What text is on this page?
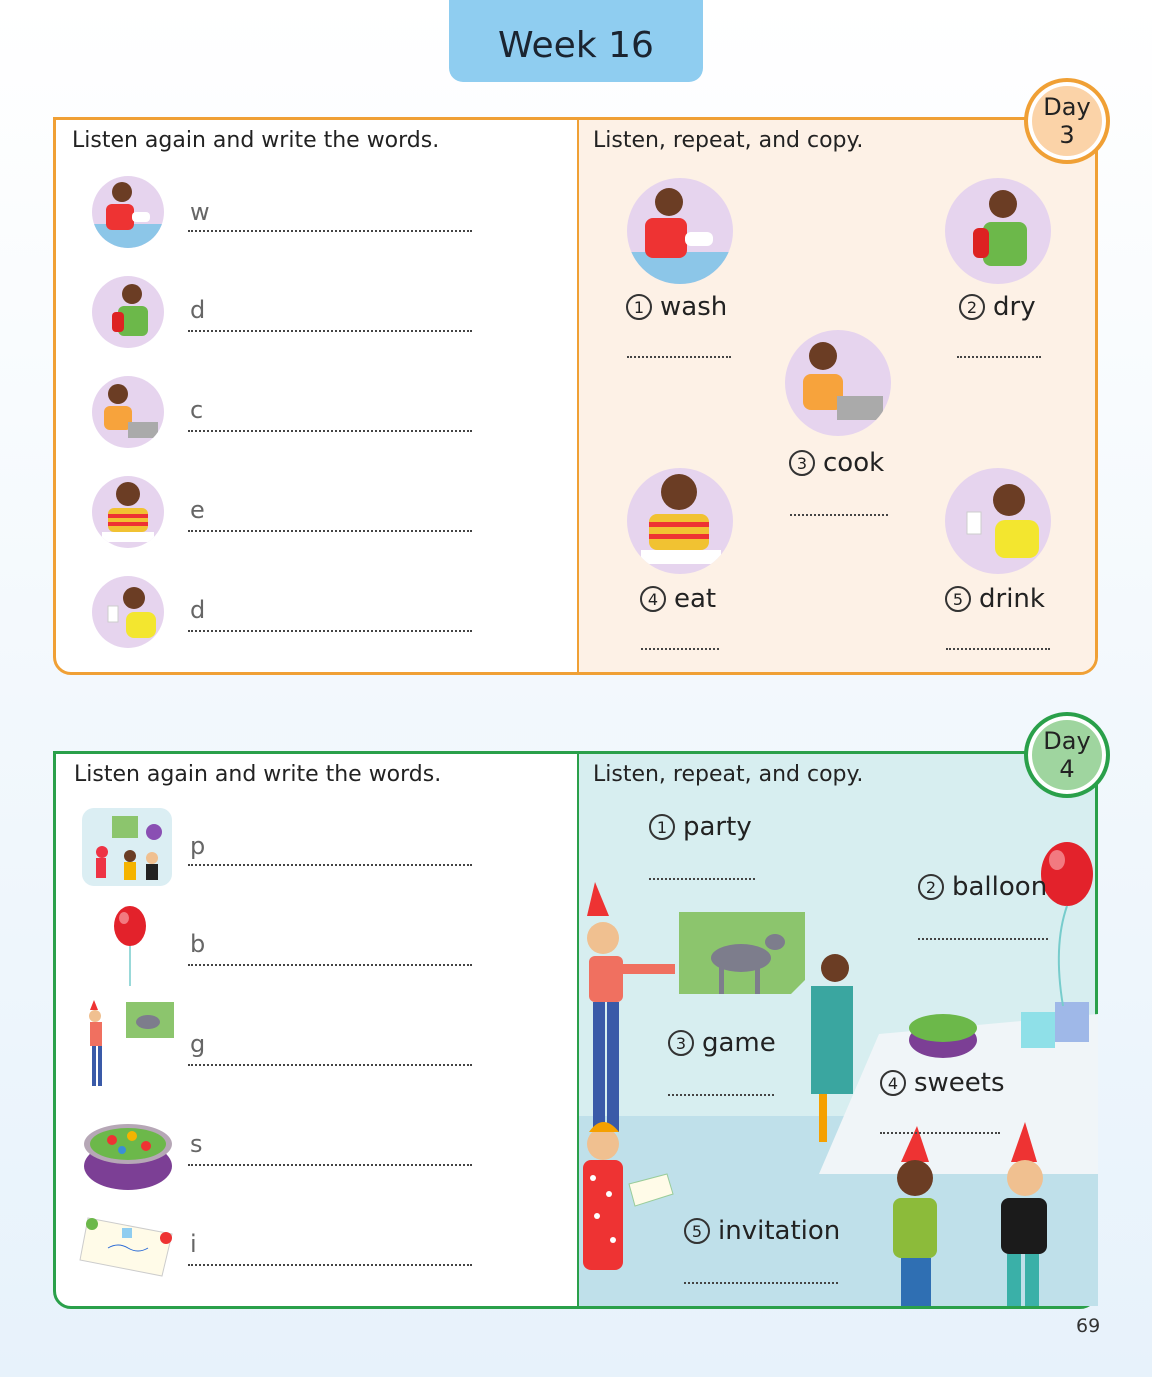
Week 16
Listen again and write the words.	Listen, repeat, and copy.
w
d
c
e
d
1 wash	2 dry
3 cook
4 eat	5 drink
Day
3
Listen again and write the words.	Listen, repeat, and copy.
p
b
g
s
i
1 party
2 balloon
3 game
4 sweets
5 invitation
Day
4
69
